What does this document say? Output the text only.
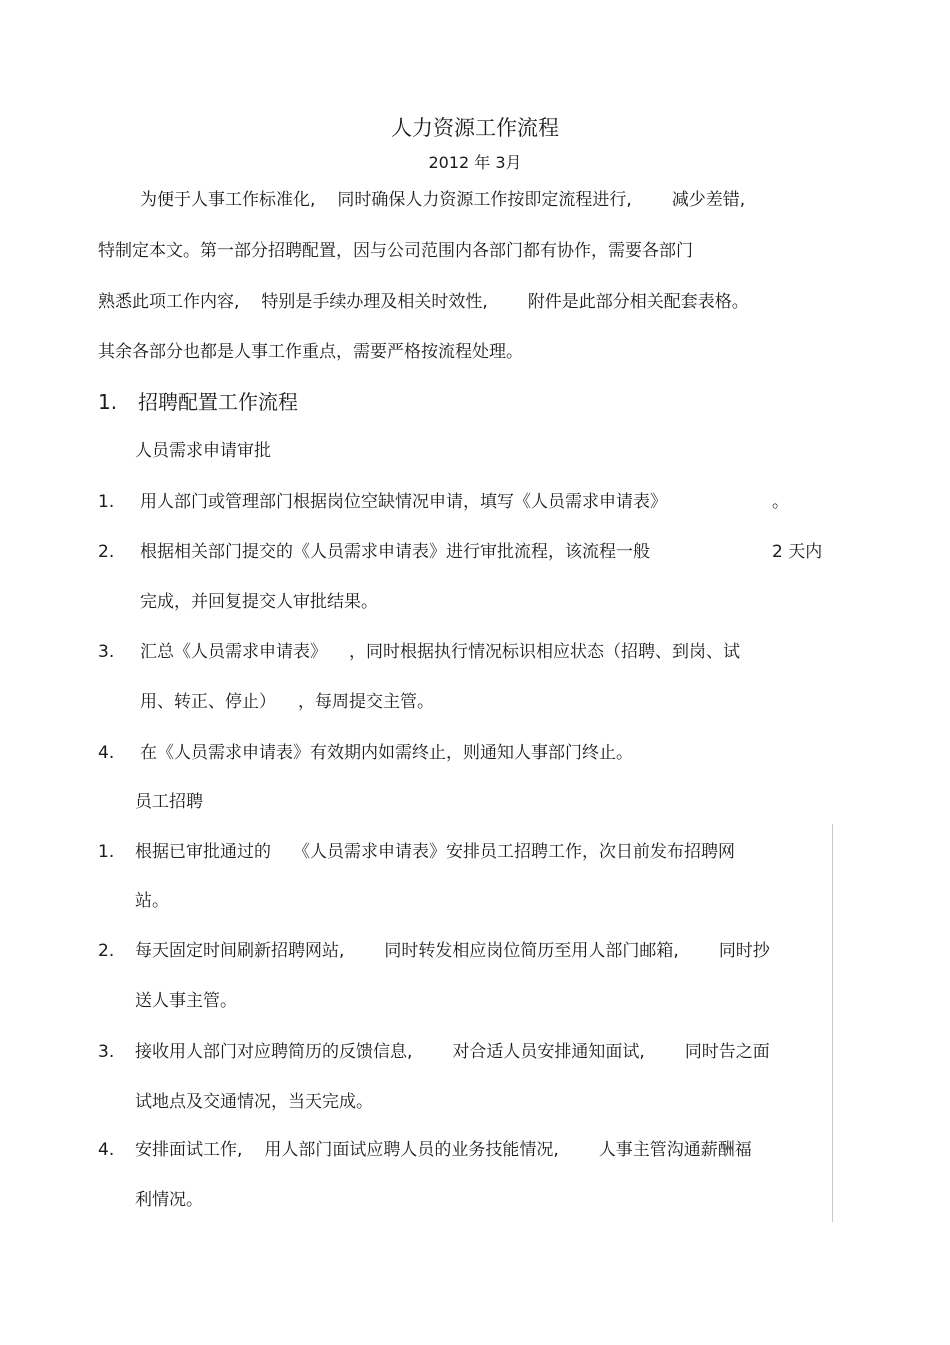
人力资源工作流程
2012 年 3月
为便于人事工作标准化, 同时确保人力资源工作按即定流程进行, 减少差错,
特制定本文。第一部分招聘配置，因与公司范围内各部门都有协作，需要各部门
熟悉此项工作内容, 特别是手续办理及相关时效性, 附件是此部分相关配套表格。
其余各部分也都是人事工作重点，需要严格按流程处理。
1. 招聘配置工作流程
人员需求申请审批
1. 用人部门或管理部门根据岗位空缺情况申请，填写《人员需求申请表》	。
2. 根据相关部门提交的《人员需求申请表》进行审批流程，该流程一般	2 天内
完成，并回复提交人审批结果。
3. 汇总《人员需求申请表》 ，同时根据执行情况标识相应状态（招聘、到岗、试
用、转正、停止） ，每周提交主管。
4. 在《人员需求申请表》有效期内如需终止，则通知人事部门终止。
员工招聘
1. 根据已审批通过的 《人员需求申请表》安排员工招聘工作，次日前发布招聘网
站。
2. 每天固定时间刷新招聘网站, 同时转发相应岗位简历至用人部门邮箱, 同时抄
送人事主管。
3. 接收用人部门对应聘简历的反馈信息, 对合适人员安排通知面试, 同时告之面
试地点及交通情况，当天完成。
4. 安排面试工作, 用人部门面试应聘人员的业务技能情况, 人事主管沟通薪酬福
利情况。
